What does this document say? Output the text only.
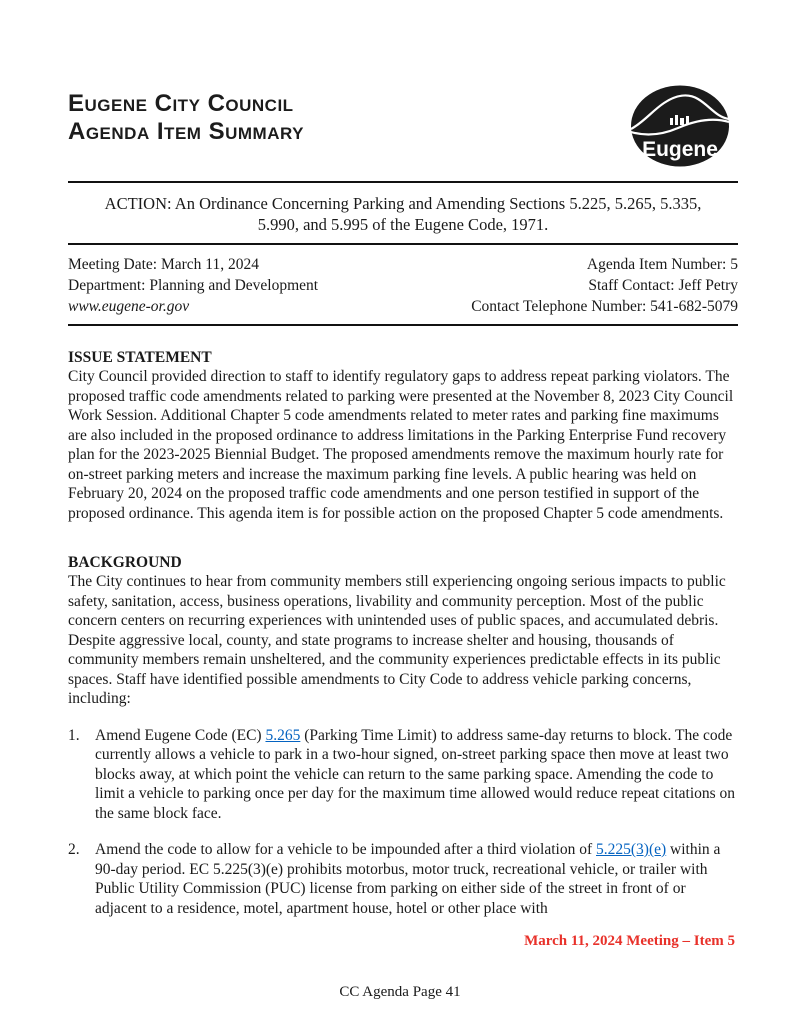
Eugene City Council
Agenda Item Summary
Eugene
ACTION: An Ordinance Concerning Parking and Amending Sections 5.225, 5.265, 5.335, 5.990, and 5.995 of the Eugene Code, 1971.
Meeting Date: March 11, 2024
Department: Planning and Development
www.eugene-or.gov
Agenda Item Number: 5
Staff Contact: Jeff Petry
Contact Telephone Number: 541-682-5079
ISSUE STATEMENT
City Council provided direction to staff to identify regulatory gaps to address repeat parking violators. The proposed traffic code amendments related to parking were presented at the November 8, 2023 City Council Work Session. Additional Chapter 5 code amendments related to meter rates and parking fine maximums are also included in the proposed ordinance to address limitations in the Parking Enterprise Fund recovery plan for the 2023-2025 Biennial Budget. The proposed amendments remove the maximum hourly rate for on-street parking meters and increase the maximum parking fine levels. A public hearing was held on February 20, 2024 on the proposed traffic code amendments and one person testified in support of the proposed ordinance. This agenda item is for possible action on the proposed Chapter 5 code amendments.
BACKGROUND
The City continues to hear from community members still experiencing ongoing serious impacts to public safety, sanitation, access, business operations, livability and community perception. Most of the public concern centers on recurring experiences with unintended uses of public spaces, and accumulated debris. Despite aggressive local, county, and state programs to increase shelter and housing, thousands of community members remain unsheltered, and the community experiences predictable effects in its public spaces. Staff have identified possible amendments to City Code to address vehicle parking concerns, including:
1. Amend Eugene Code (EC) 5.265 (Parking Time Limit) to address same-day returns to block. The code currently allows a vehicle to park in a two-hour signed, on-street parking space then move at least two blocks away, at which point the vehicle can return to the same parking space. Amending the code to limit a vehicle to parking once per day for the maximum time allowed would reduce repeat citations on the same block face.
2. Amend the code to allow for a vehicle to be impounded after a third violation of 5.225(3)(e) within a 90-day period. EC 5.225(3)(e) prohibits motorbus, motor truck, recreational vehicle, or trailer with Public Utility Commission (PUC) license from parking on either side of the street in front of or adjacent to a residence, motel, apartment house, hotel or other place with
March 11, 2024 Meeting – Item 5
CC Agenda Page 41
